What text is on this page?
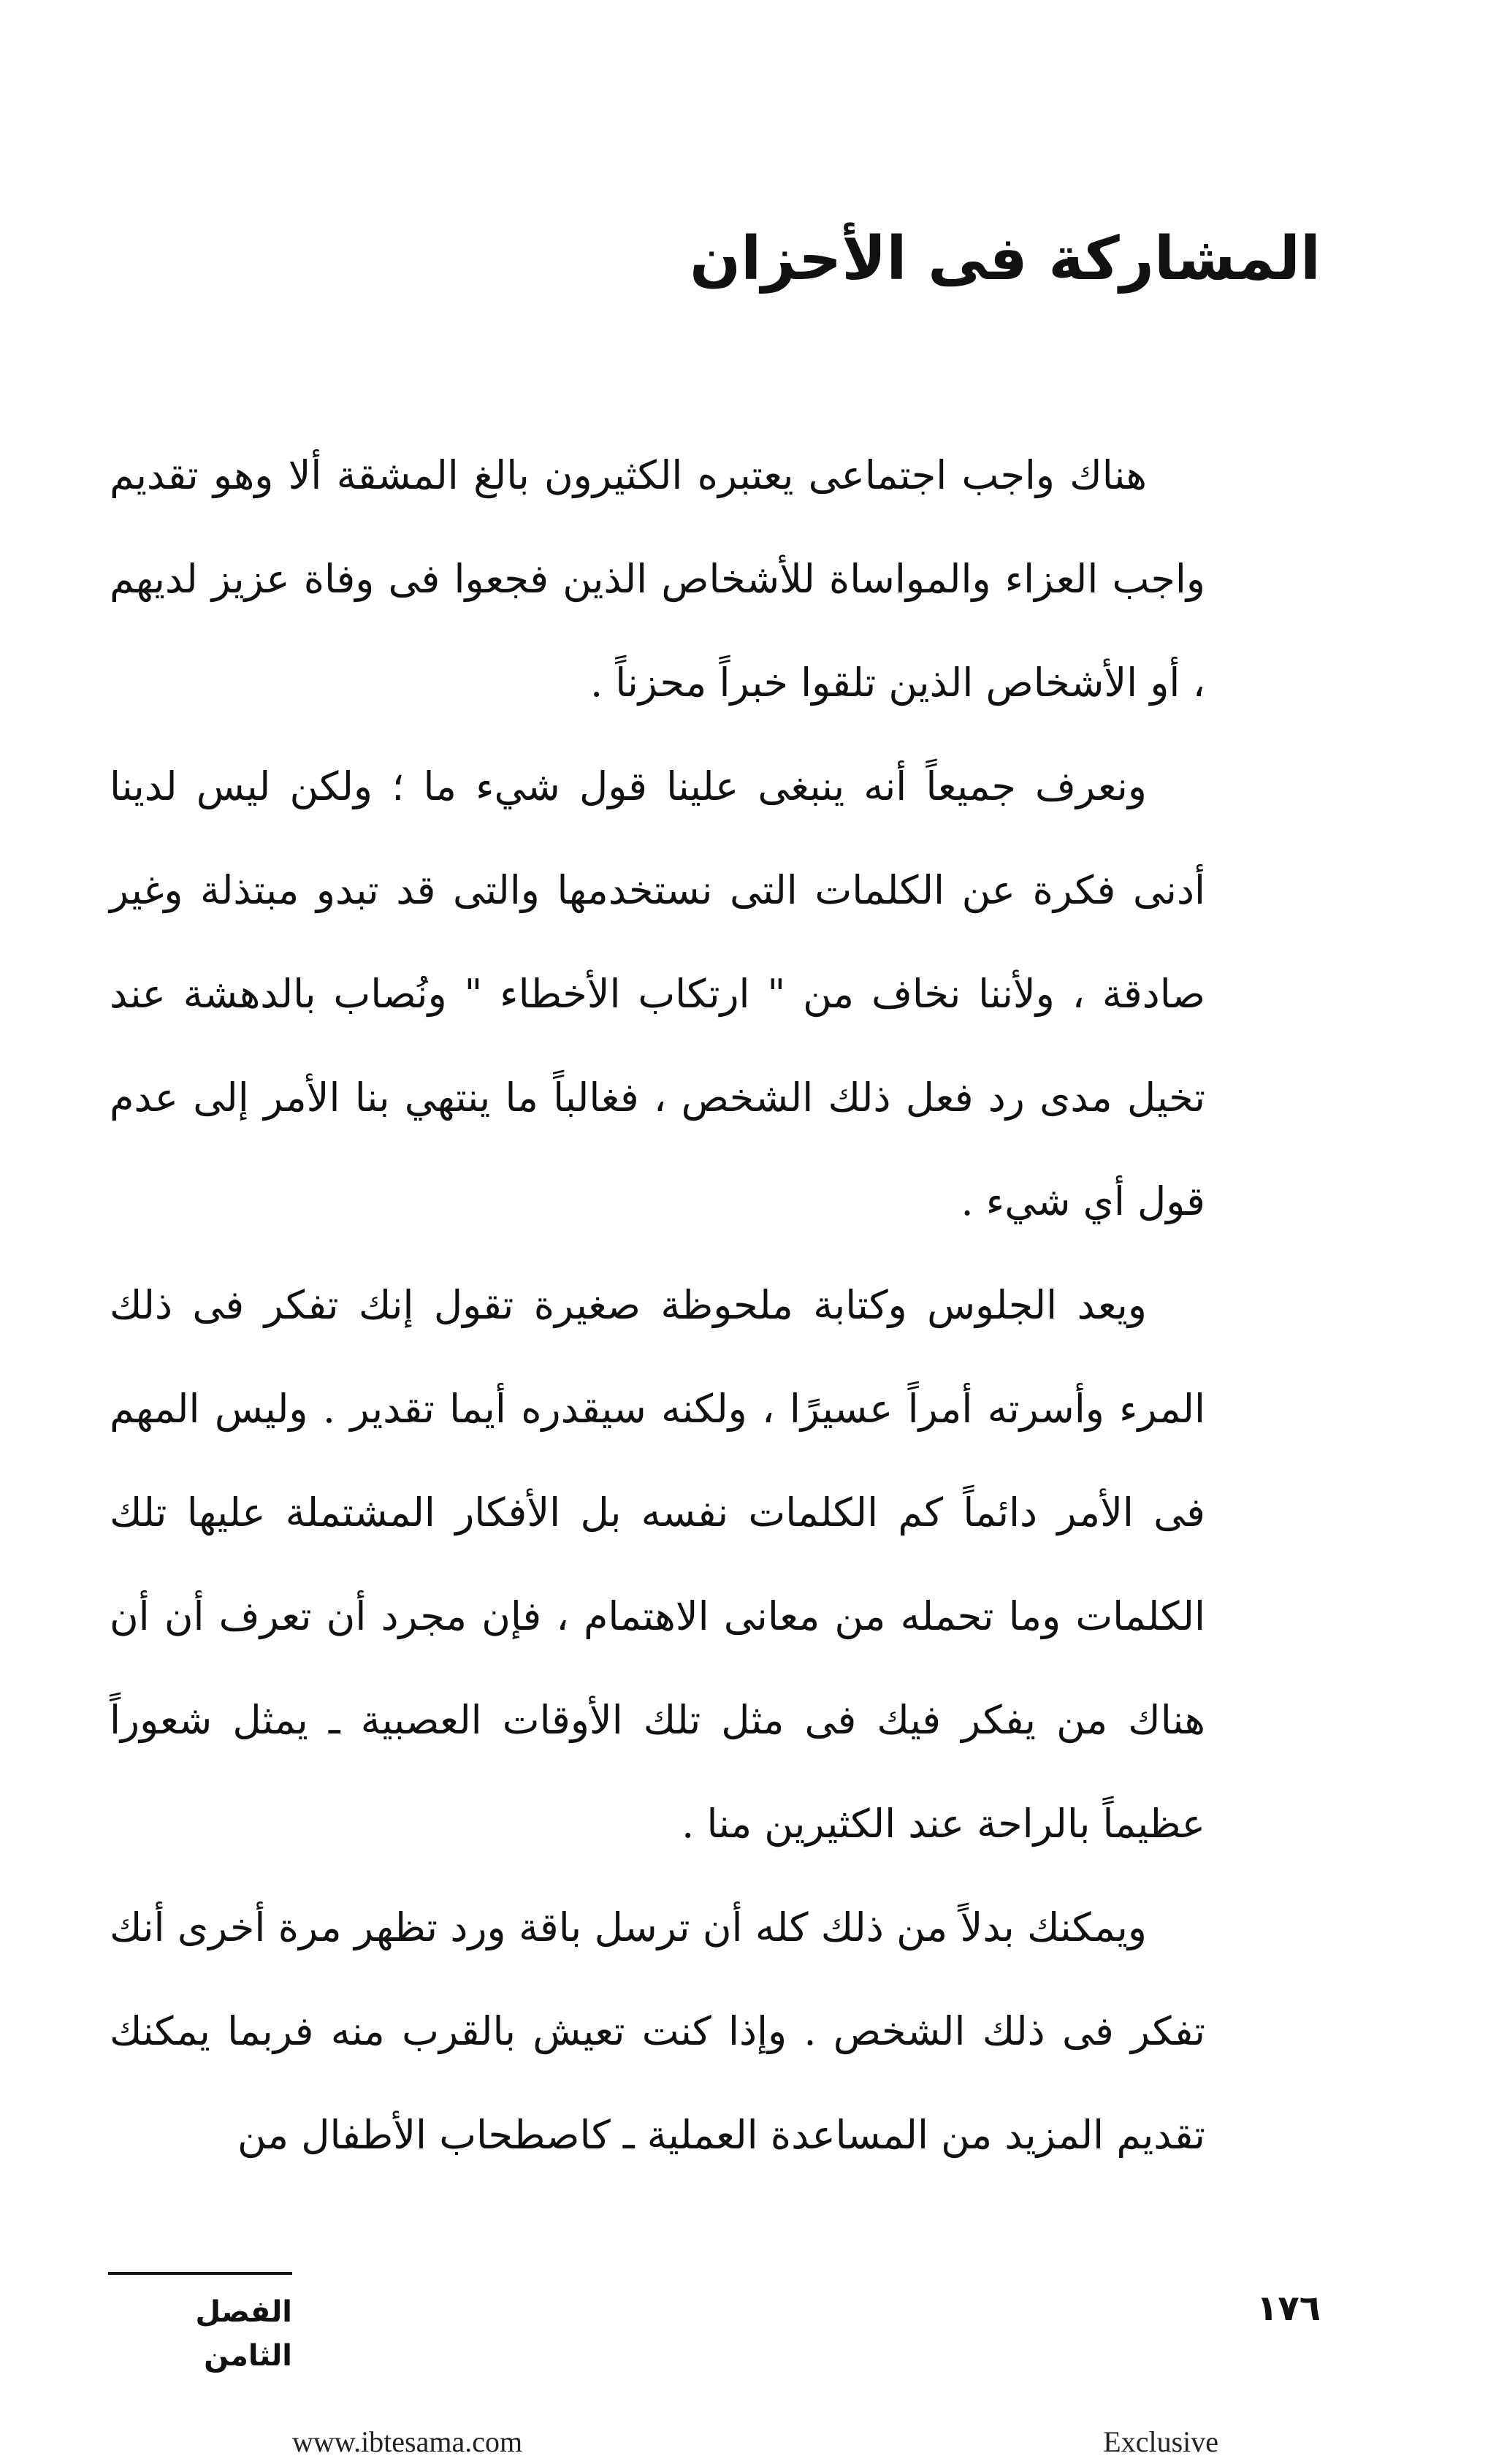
المشاركة فى الأحزان

هناك واجب اجتماعى يعتبره الكثيرون بالغ المشقة ألا وهو تقديم واجب العزاء والمواساة للأشخاص الذين فجعوا فى وفاة عزيز لديهم ، أو الأشخاص الذين تلقوا خبراً محزناً .

ونعرف جميعاً أنه ينبغى علينا قول شيء ما ؛ ولكن ليس لدينا أدنى فكرة عن الكلمات التى نستخدمها والتى قد تبدو مبتذلة وغير صادقة ، ولأننا نخاف من " ارتكاب الأخطاء " ونُصاب بالدهشة عند تخيل مدى رد فعل ذلك الشخص ، فغالباً ما ينتهي بنا الأمر إلى عدم قول أي شيء .

ويعد الجلوس وكتابة ملحوظة صغيرة تقول إنك تفكر فى ذلك المرء وأسرته أمراً عسيرًا ، ولكنه سيقدره أيما تقدير . وليس المهم فى الأمر دائماً كم الكلمات نفسه بل الأفكار المشتملة عليها تلك الكلمات وما تحمله من معانى الاهتمام ، فإن مجرد أن تعرف أن أن هناك من يفكر فيك فى مثل تلك الأوقات العصبية ـ يمثل شعوراً عظيماً بالراحة عند الكثيرين منا .

ويمكنك بدلاً من ذلك كله أن ترسل باقة ورد تظهر مرة أخرى أنك تفكر فى ذلك الشخص . وإذا كنت تعيش بالقرب منه فربما يمكنك تقديم المزيد من المساعدة العملية ـ كاصطحاب الأطفال من

الفصل الثامن
١٧٦
www.ibtesama.com	Exclusive
